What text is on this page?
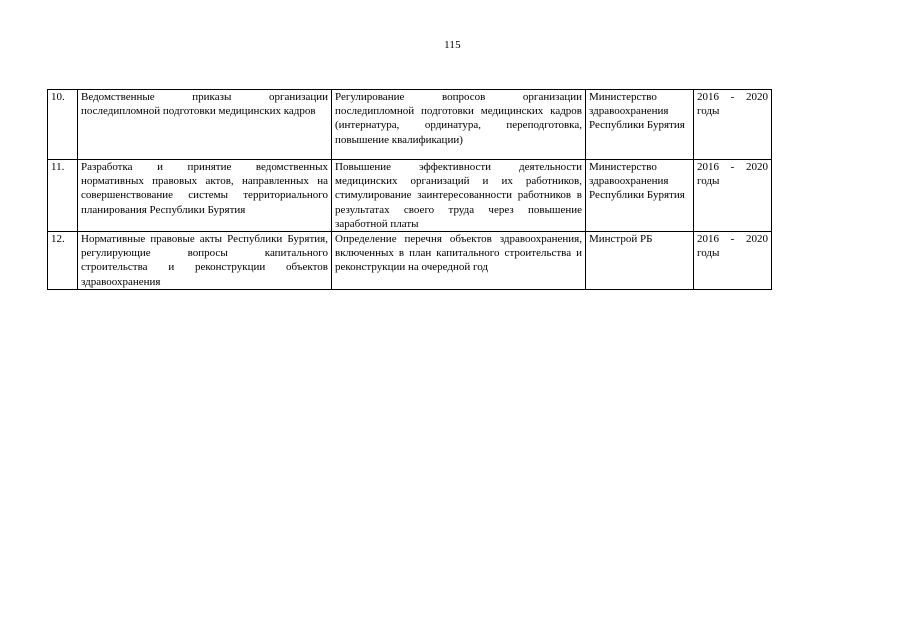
115
10.	Ведомственные приказы организации последипломной подготовки медицинских кадров	Регулирование вопросов организации последипломной подготовки медицинских кадров (интернатура, ординатура, переподготовка, повышение квалификации)	Министерство здравоохранения Республики Бурятия	2016 - 2020
годы

11.	Разработка и принятие ведомственных нормативных правовых актов, направленных на совершенствование системы территориального планирования Республики Бурятия	Повышение эффективности деятельности медицинских организаций и их работников, стимулирование заинтересованности работников в результатах своего труда через повышение заработной платы	Министерство здравоохранения Республики Бурятия	2016 - 2020
годы

12.	Нормативные правовые акты Республики Бурятия, регулирующие вопросы капитального строительства и реконструкции объектов здравоохранения	Определение перечня объектов здравоохранения, включенных в план капитального строительства и реконструкции на очередной год	Минстрой РБ	2016 - 2020
годы
